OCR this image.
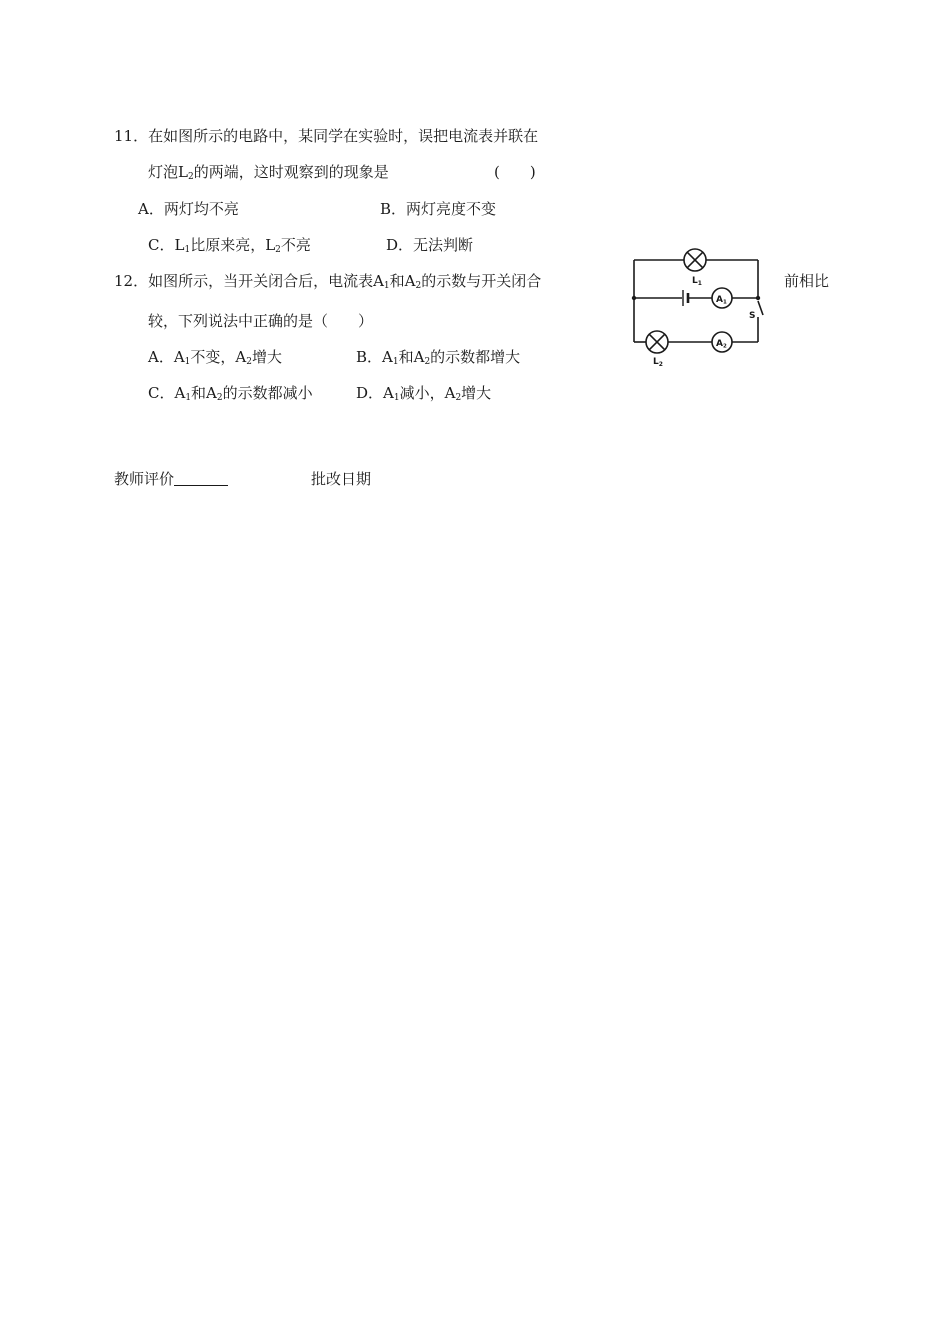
11．在如图所示的电路中，某同学在实验时，误把电流表并联在
灯泡$L_2$的两端，这时观察到的现象是	(　　)
A．两灯均不亮	B．两灯亮度不变
C．$L_1$比原来亮，$L_2$不亮	D．无法判断
12．如图所示，当开关闭合后，电流表$A_1$和$A_2$的示数与开关闭合	前相比
较，下列说法中正确的是（　　）
A．$A_1$不变，$A_2$增大	B．$A_1$和$A_2$的示数都增大
C．$A_1$和$A_2$的示数都减小	D．$A_1$减小，$A_2$增大
$L_1$
$L_2$
A1
A2
S
教师评价	批改日期
